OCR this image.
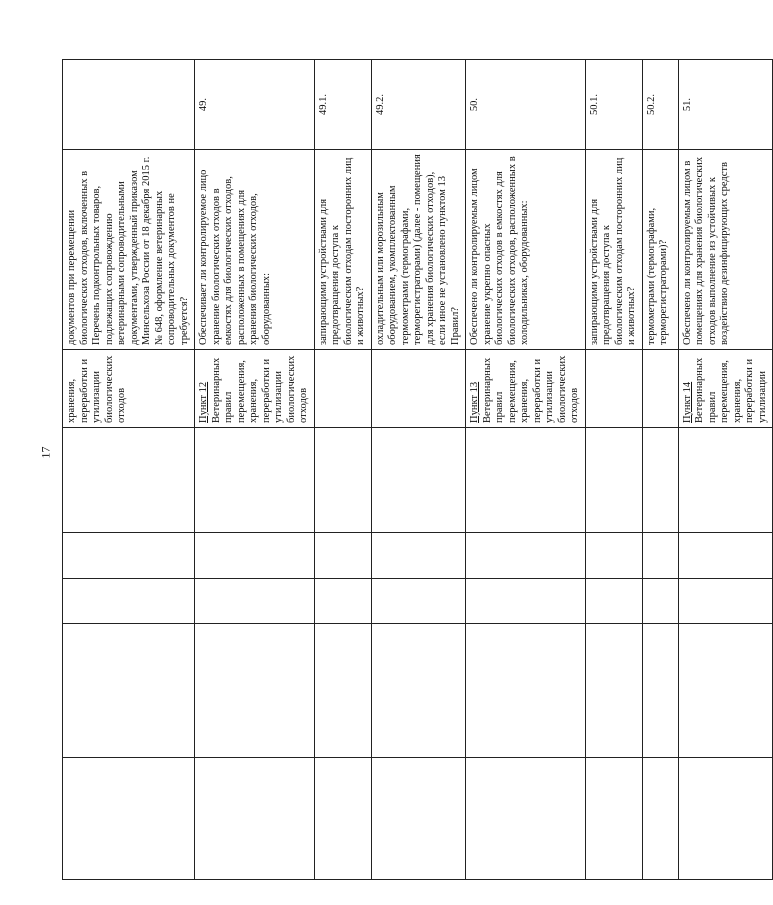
17
					хранения, переработки и утилизации биологических отходов	документов при перемещении биологических отходов, включенных в Перечень подконтрольных товаров, подлежащих сопровождению ветеринарными сопроводительными документами, утвержденный приказом Минсельхоза России от 18 декабря 2015 г. № 648, оформление ветеринарных сопроводительных документов не требуется?	
					Пункт 12 Ветеринарных правил перемещения, хранения, переработки и утилизации биологических отходов	Обеспечивает ли контролируемое лицо хранение биологических отходов в емкостях для биологических отходов, расположенных в помещениях для хранения биологических отходов, оборудованных:	49.
						запирающими устройствами для предотвращения доступа к биологическим отходам посторонних лиц и животных?	49.1.
						охладительным или морозильным оборудованием, укомплектованным термометрами (термографами, терморегистраторами) (далее - помещения для хранения биологических отходов), если иное не установлено пунктом 13 Правил?	49.2.
					Пункт 13 Ветеринарных правил перемещения, хранения, переработки и утилизации биологических отходов	Обеспечено ли контролируемым лицом хранение укрепно опасных биологических отходов в емкостях для биологических отходов, расположенных в холодильниках, оборудованных:	50.
						запирающими устройствами для предотвращения доступа к биологическим отходам посторонних лиц и животных?	50.1.
						термометрами (термографами, терморегистраторами)?	50.2.
					Пункт 14 Ветеринарных правил перемещения, хранения, переработки и утилизации	Обеспечено ли контролируемым лицом в помещениях для хранения биологических отходов выполнение из устойчивых к воздействию дезинфицирующих средств	51.
